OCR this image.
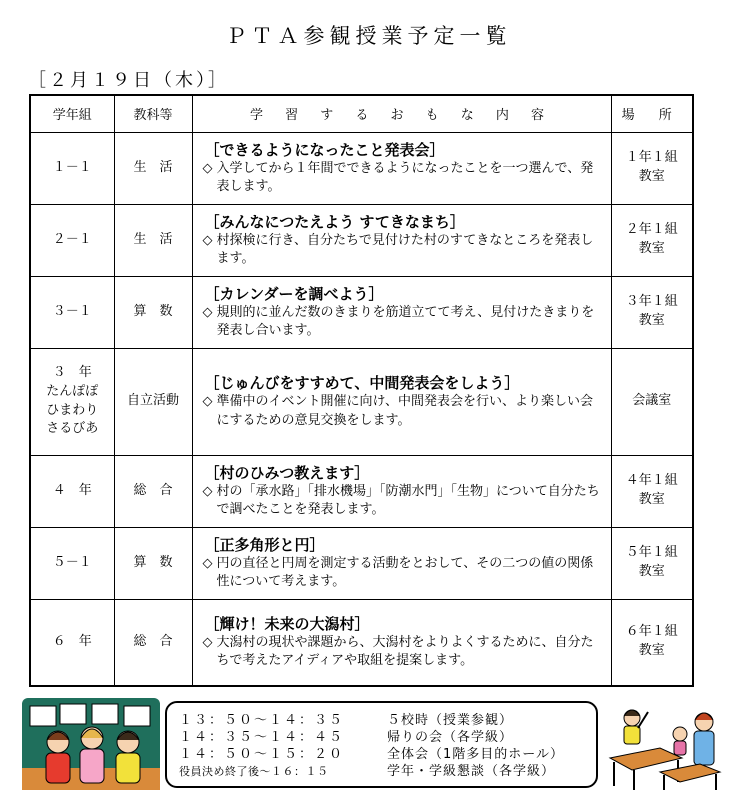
ＰＴＡ参観授業予定一覧
［２月１９日（木）］
学年組	教科等	学 習 す る お も な 内 容	場 所

１－１	生　活	［できるようになったこと発表会］
◇ 入学してから１年間でできるようになったことを一つ選んで、発表します。	１年１組
教室

２－１	生　活	［みんなにつたえよう すてきなまち］
◇ 村探検に行き、自分たちで見付けた村のすてきなところを発表します。	２年１組
教室

３－１	算　数	［カレンダーを調べよう］
◇ 規則的に並んだ数のきまりを筋道立てて考え、見付けたきまりを発表し合います。	３年１組
教室

３　年
たんぽぽ
ひまわり
さるびあ	自立活動	［じゅんびをすすめて、中間発表会をしよう］
◇ 準備中のイベント開催に向け、中間発表会を行い、より楽しい会にするための意見交換をします。	会議室

４　年	総　合	［村のひみつ教えます］
◇ 村の「承水路」「排水機場」「防潮水門」「生物」について自分たちで調べたことを発表します。	４年１組
教室

５－１	算　数	［正多角形と円］
◇ 円の直径と円周を測定する活動をとおして、その二つの値の関係性について考えます。	５年１組
教室

６　年	総　合	［輝け！未来の大潟村］
◇ 大潟村の現状や課題から、大潟村をよりよくするために、自分たちで考えたアイディアや取組を提案します。	６年１組
教室
１３：５０～１４：３５	５校時（授業参観）
１４：３５～１４：４５	帰りの会（各学級）
１４：５０～１５：２０	全体会（1階多目的ホール）
役員決め終了後～１６：１５	学年・学級懇談（各学級）
